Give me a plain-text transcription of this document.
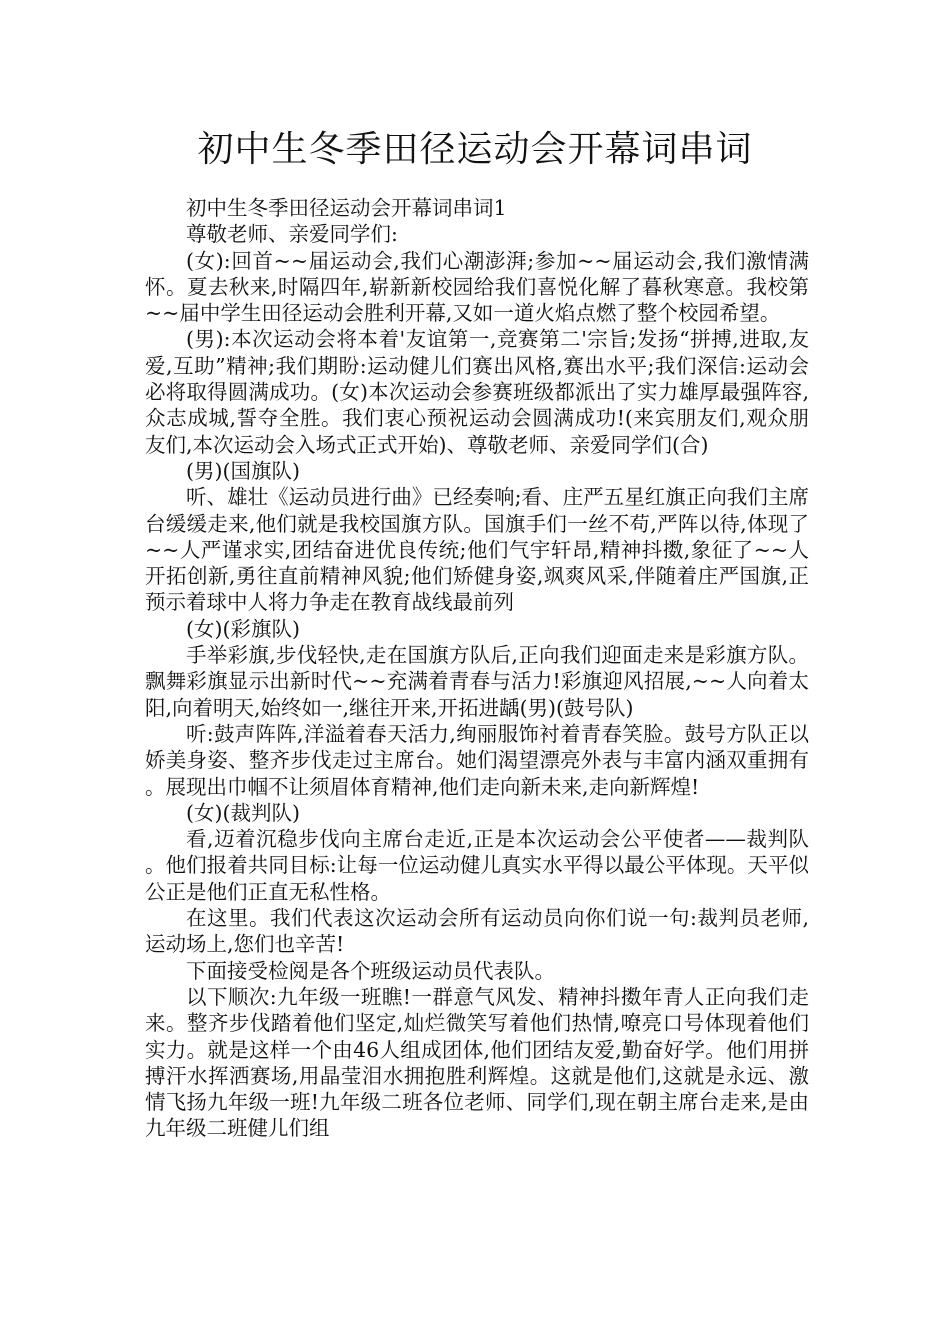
初中生冬季田径运动会开幕词串词

初中生冬季田径运动会开幕词串词1

尊敬老师、亲爱同学们:

(女):回首~~届运动会,我们心潮澎湃;参加~~届运动会,我们激情满怀。夏去秋来,时隔四年,崭新新校园给我们喜悦化解了暮秋寒意。我校第~~届中学生田径运动会胜利开幕,又如一道火焰点燃了整个校园希望。

(男):本次运动会将本着'友谊第一,竞赛第二'宗旨;发扬“拼搏,进取,友爱,互助”精神;我们期盼:运动健儿们赛出风格,赛出水平;我们深信:运动会必将取得圆满成功。(女)本次运动会参赛班级都派出了实力雄厚最强阵容,众志成城,誓夺全胜。我们衷心预祝运动会圆满成功!(来宾朋友们,观众朋友们,本次运动会入场式正式开始)、尊敬老师、亲爱同学们(合)

(男)(国旗队)

听、雄壮《运动员进行曲》已经奏响;看、庄严五星红旗正向我们主席台缓缓走来,他们就是我校国旗方队。国旗手们一丝不苟,严阵以待,体现了~~人严谨求实,团结奋进优良传统;他们气宇轩昂,精神抖擞,象征了~~人开拓创新,勇往直前精神风貌;他们矫健身姿,飒爽风采,伴随着庄严国旗,正预示着球中人将力争走在教育战线最前列

(女)(彩旗队)

手举彩旗,步伐轻快,走在国旗方队后,正向我们迎面走来是彩旗方队。飘舞彩旗显示出新时代~~充满着青春与活力!彩旗迎风招展,~~人向着太阳,向着明天,始终如一,继往开来,开拓进龋(男)(鼓号队)

听:鼓声阵阵,洋溢着春天活力,绚丽服饰衬着青春笑脸。鼓号方队正以娇美身姿、整齐步伐走过主席台。她们渴望漂亮外表与丰富内涵双重拥有。展现出巾帼不让须眉体育精神,他们走向新未来,走向新辉煌!

(女)(裁判队)

看,迈着沉稳步伐向主席台走近,正是本次运动会公平使者——裁判队。他们报着共同目标:让每一位运动健儿真实水平得以最公平体现。天平似公正是他们正直无私性格。

在这里。我们代表这次运动会所有运动员向你们说一句:裁判员老师,运动场上,您们也辛苦!

下面接受检阅是各个班级运动员代表队。

以下顺次:九年级一班瞧!一群意气风发、精神抖擞年青人正向我们走来。整齐步伐踏着他们坚定,灿烂微笑写着他们热情,嘹亮口号体现着他们实力。就是这样一个由46人组成团体,他们团结友爱,勤奋好学。他们用拼搏汗水挥洒赛场,用晶莹泪水拥抱胜利辉煌。这就是他们,这就是永远、激情飞扬九年级一班!九年级二班各位老师、同学们,现在朝主席台走来,是由九年级二班健儿们组
